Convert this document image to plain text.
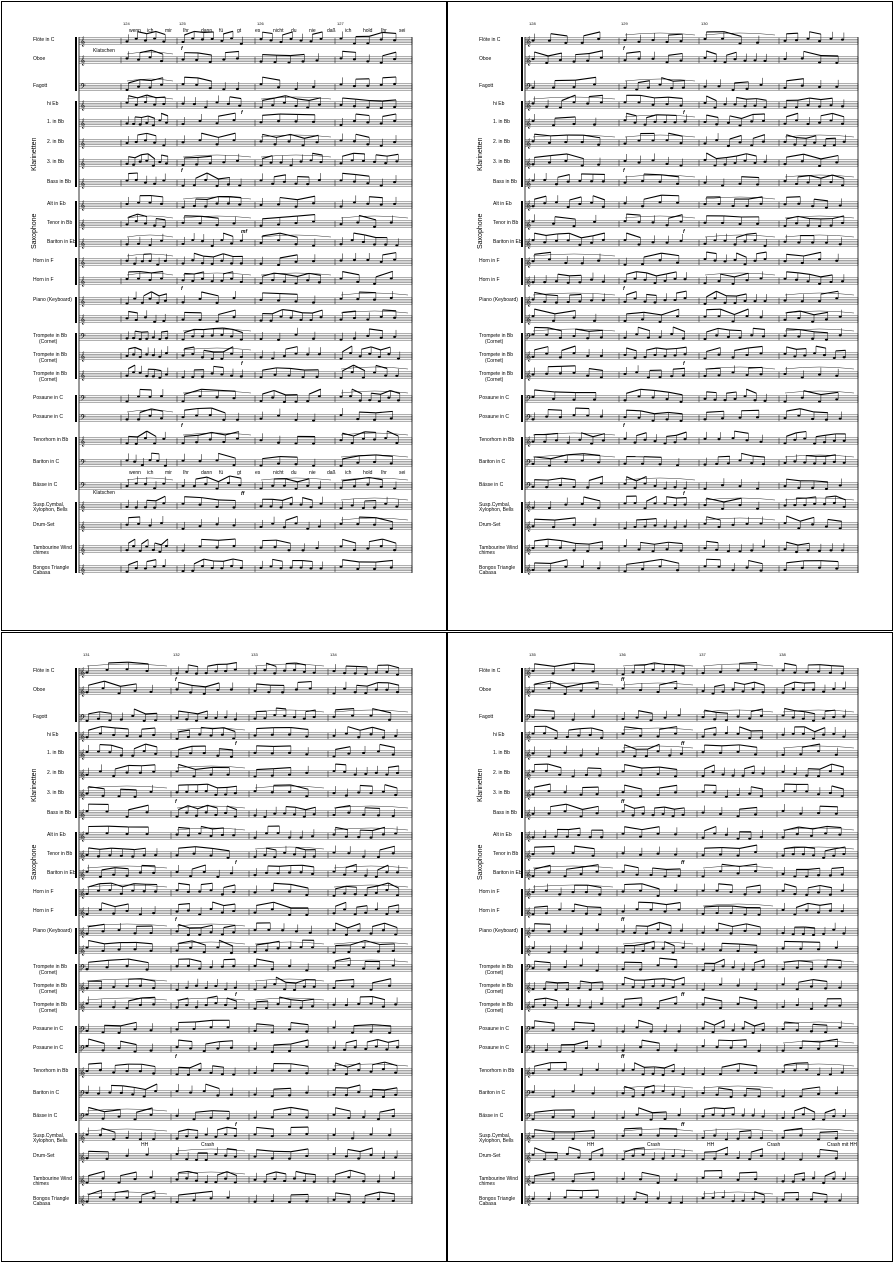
𝄞
𝄞
𝄢
𝄞
𝄞
𝄞
𝄞
𝄞
𝄞
𝄞
𝄞
𝄞
𝄞
𝄞
𝄞
𝄢
𝄞
𝄞
𝄢
𝄢
𝄞
𝄢
𝄢
𝄞
𝄞
𝄞
𝄞
124	125	126	127
wenn
wenn
ich
ich
mir
mir
Ihr
Ihr
dann
dann
fü
fü
gt
gt
es
es
nicht
nicht
du
du
nie
nie
daß
daß
ich
ich
hold
hold
Ihr
Ihr
sei
sei
Klatschen
Klatschen
f
f
f
mf
f
f
f
ff
Flöte in C
Oboe
Fagott
hi Eb
1. in Bb
2. in Bb
3. in Bb
Bass in Bb
Alt in Eb
Tenor in Bb
Bariton in Eb
Horn in F
Horn in F
Piano (Keyboard)
Trompete in Bb
Trompete in Bb
Trompete in Bb
Posaune in C
Posaune in C
Tenorhorn in Bb
Bariton in C
Bässe in C
Susp.Cymbal, Xylophon, Bells
Drum-Set
Tambourine Wind chimes
Bongos Triangle Cabasa
(Cornet)
(Cornet)
(Cornet)
Klarinetten
Saxophone
𝄞
𝄞
𝄢
𝄞
𝄞
𝄞
𝄞
𝄞
𝄞
𝄞
𝄞
𝄞
𝄞
𝄞
𝄞
𝄢
𝄞
𝄞
𝄢
𝄢
𝄞
𝄢
𝄢
𝄞
𝄞
𝄞
𝄞
128	129	130
f
f
f
f
f
f
f
f
Flöte in C
Oboe
Fagott
hi Eb
1. in Bb
2. in Bb
3. in Bb
Bass in Bb
Alt in Eb
Tenor in Bb
Bariton in Eb
Horn in F
Horn in F
Piano (Keyboard)
Trompete in Bb
Trompete in Bb
Trompete in Bb
Posaune in C
Posaune in C
Tenorhorn in Bb
Bariton in C
Bässe in C
Susp.Cymbal, Xylophon, Bells
Drum-Set
Tambourine Wind chimes
Bongos Triangle Cabasa
(Cornet)
(Cornet)
(Cornet)
Klarinetten
Saxophone
𝄞
𝄞
𝄢
𝄞
𝄞
𝄞
𝄞
𝄞
𝄞
𝄞
𝄞
𝄞
𝄞
𝄞
𝄞
𝄢
𝄞
𝄞
𝄢
𝄢
𝄞
𝄢
𝄢
𝄞
𝄞
𝄞
𝄞
131	132	133	134
HH	Crash
f
f
f
f
f
f
f
f
Flöte in C
Oboe
Fagott
hi Eb
1. in Bb
2. in Bb
3. in Bb
Bass in Bb
Alt in Eb
Tenor in Bb
Bariton in Eb
Horn in F
Horn in F
Piano (Keyboard)
Trompete in Bb
Trompete in Bb
Trompete in Bb
Posaune in C
Posaune in C
Tenorhorn in Bb
Bariton in C
Bässe in C
Susp.Cymbal, Xylophon, Bells
Drum-Set
Tambourine Wind chimes
Bongos Triangle Cabasa
(Cornet)
(Cornet)
(Cornet)
Klarinetten
Saxophone
𝄞
𝄞
𝄢
𝄞
𝄞
𝄞
𝄞
𝄞
𝄞
𝄞
𝄞
𝄞
𝄞
𝄞
𝄞
𝄢
𝄞
𝄞
𝄢
𝄢
𝄞
𝄢
𝄢
𝄞
𝄞
𝄞
𝄞
135	136	137	138
HH	Crash	HH	Crash	Crash mit HH
ff
ff
ff
ff
ff
ff
ff
ff
Flöte in C
Oboe
Fagott
hi Eb
1. in Bb
2. in Bb
3. in Bb
Bass in Bb
Alt in Eb
Tenor in Bb
Bariton in Eb
Horn in F
Horn in F
Piano (Keyboard)
Trompete in Bb
Trompete in Bb
Trompete in Bb
Posaune in C
Posaune in C
Tenorhorn in Bb
Bariton in C
Bässe in C
Susp.Cymbal, Xylophon, Bells
Drum-Set
Tambourine Wind chimes
Bongos Triangle Cabasa
(Cornet)
(Cornet)
(Cornet)
Klarinetten
Saxophone
